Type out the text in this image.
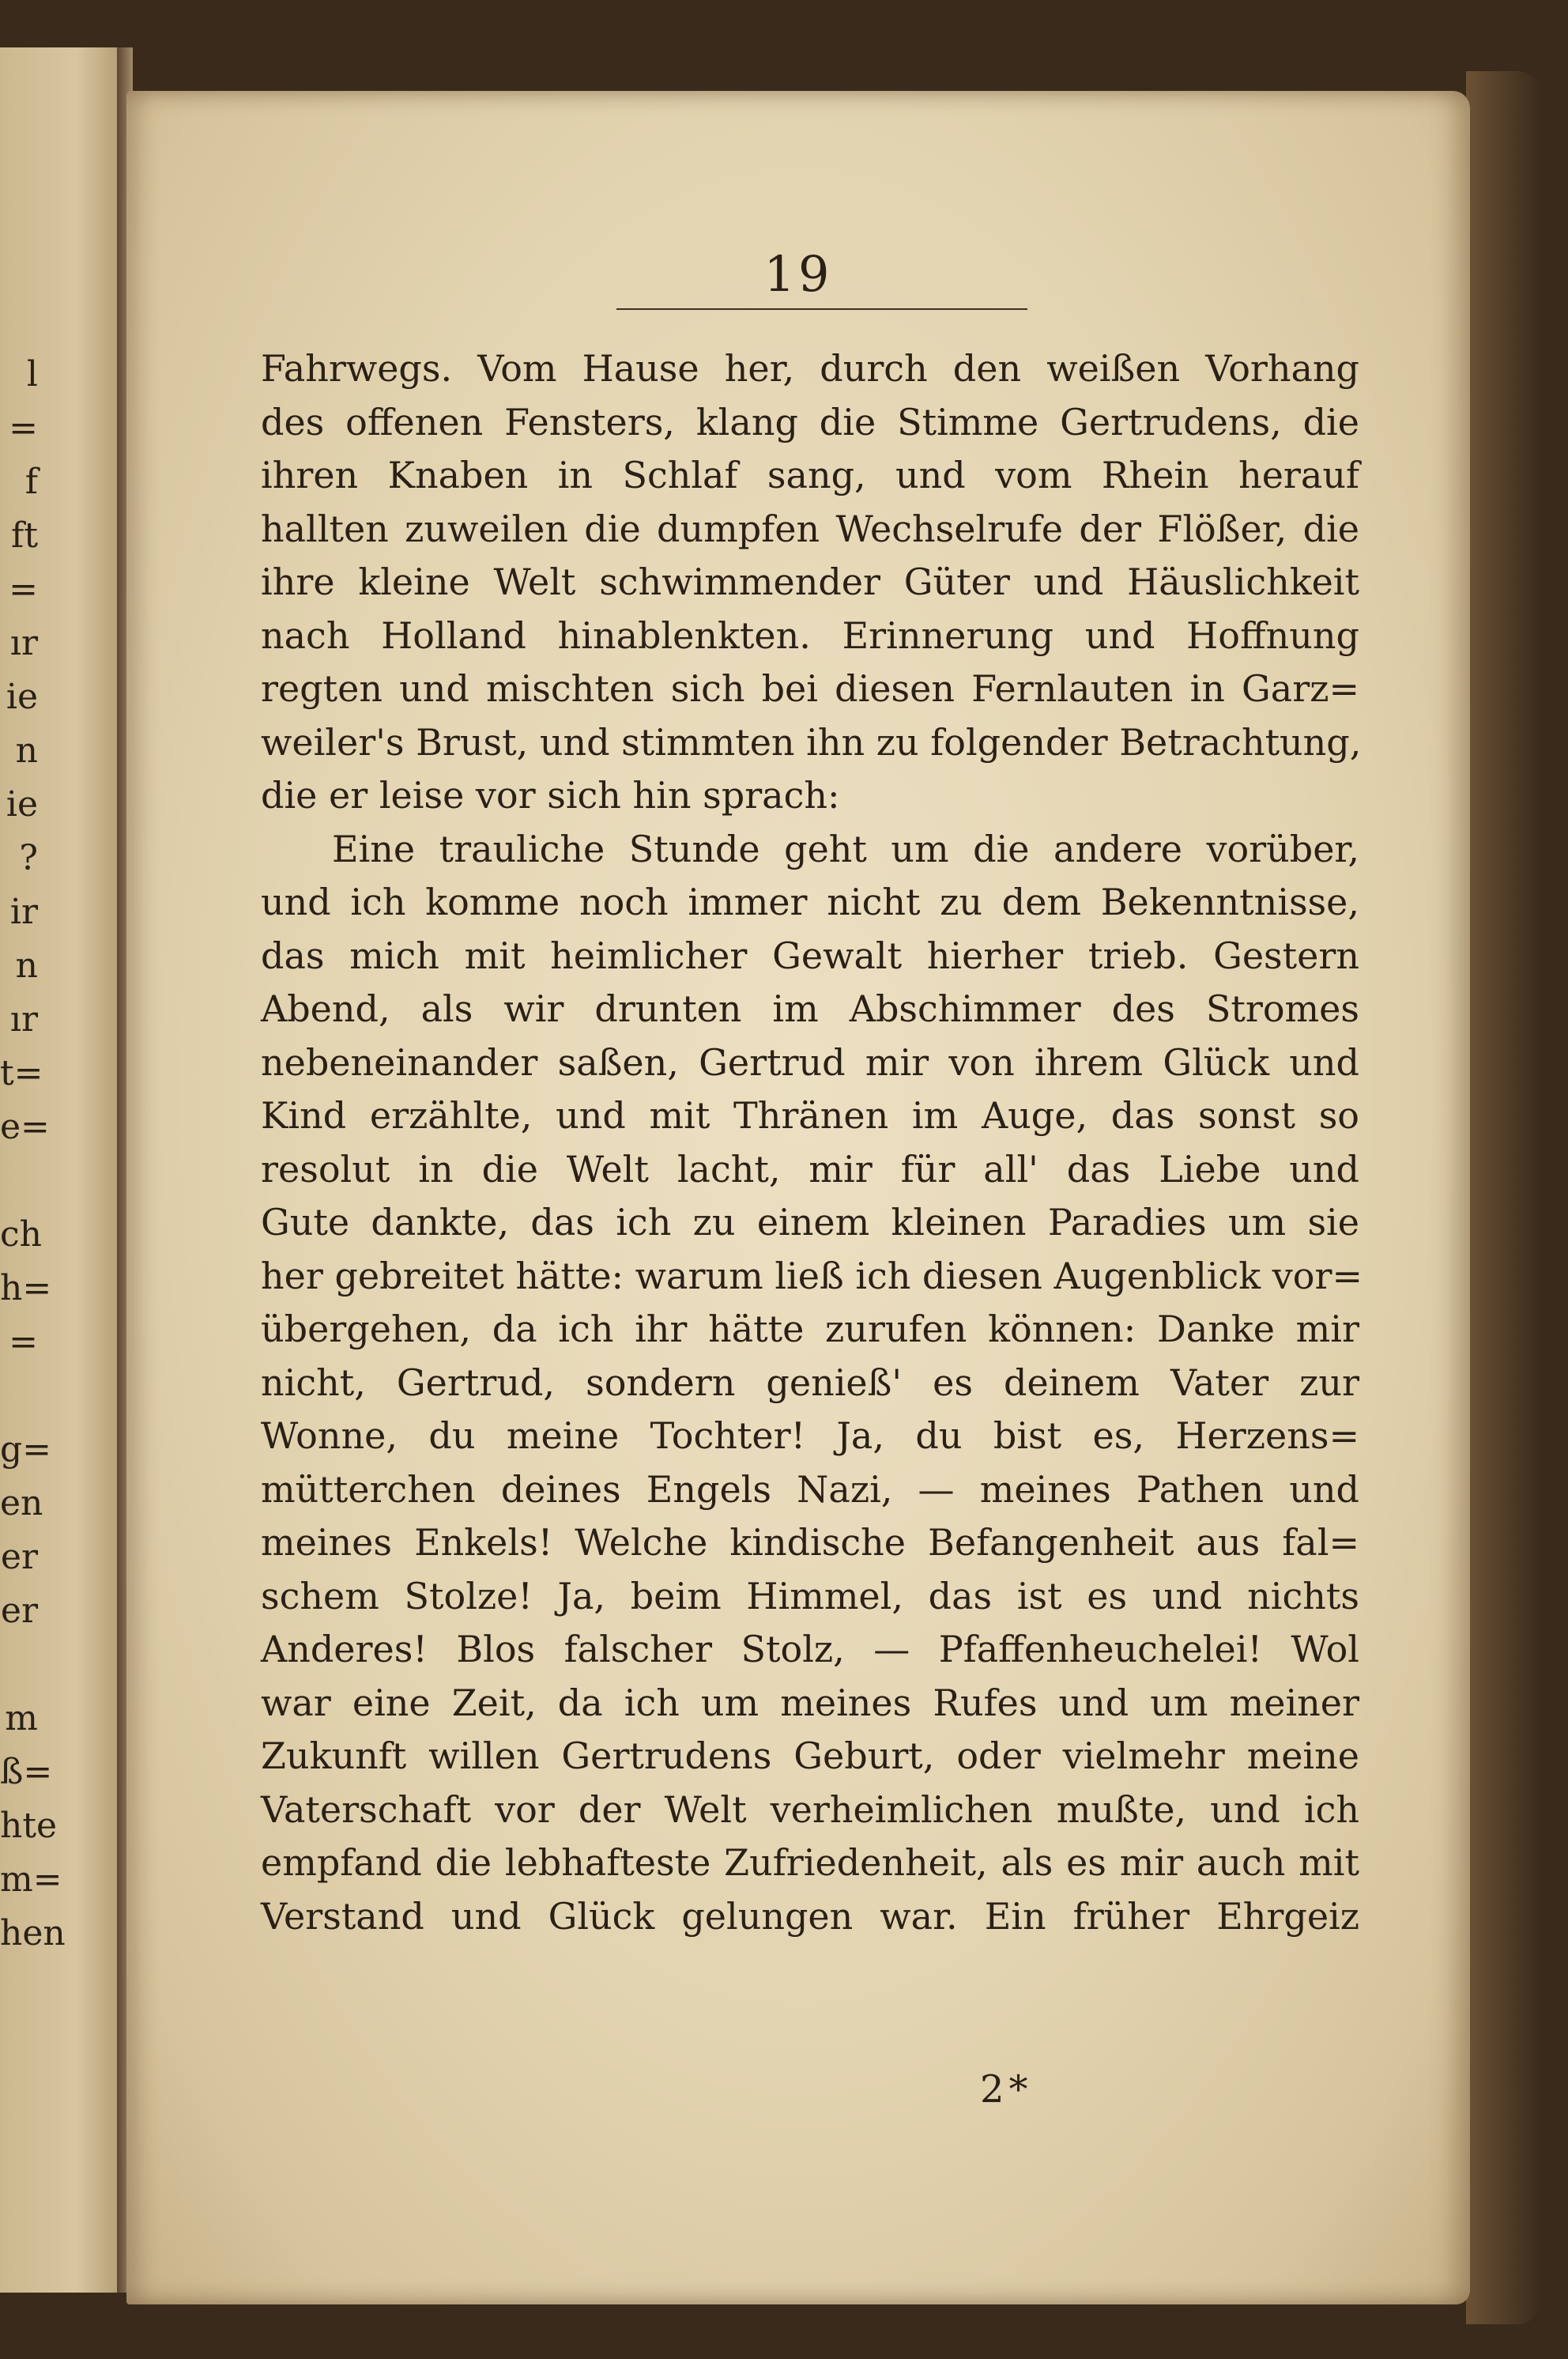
l
=
f
ft
=
ır
ie
n
ie
?
ir
n
ır
t=
e=
ch
h=
=
g=
en
er
er
m
ß=
hte
m=
hen
19
Fahrwegs. Vom Hause her, durch den weißen Vorhang
des offenen Fensters, klang die Stimme Gertrudens, die
ihren Knaben in Schlaf sang, und vom Rhein herauf
hallten zuweilen die dumpfen Wechselrufe der Flößer, die
ihre kleine Welt schwimmender Güter und Häuslichkeit
nach Holland hinablenkten. Erinnerung und Hoffnung
regten und mischten sich bei diesen Fernlauten in Garz=
weiler's Brust, und stimmten ihn zu folgender Betrachtung,
die er leise vor sich hin sprach:
Eine trauliche Stunde geht um die andere vorüber,
und ich komme noch immer nicht zu dem Bekenntnisse,
das mich mit heimlicher Gewalt hierher trieb. Gestern
Abend, als wir drunten im Abschimmer des Stromes
nebeneinander saßen, Gertrud mir von ihrem Glück und
Kind erzählte, und mit Thränen im Auge, das sonst so
resolut in die Welt lacht, mir für all' das Liebe und
Gute dankte, das ich zu einem kleinen Paradies um sie
her gebreitet hätte: warum ließ ich diesen Augenblick vor=
übergehen, da ich ihr hätte zurufen können: Danke mir
nicht, Gertrud, sondern genieß' es deinem Vater zur
Wonne, du meine Tochter! Ja, du bist es, Herzens=
mütterchen deines Engels Nazi, — meines Pathen und
meines Enkels! Welche kindische Befangenheit aus fal=
schem Stolze! Ja, beim Himmel, das ist es und nichts
Anderes! Blos falscher Stolz, — Pfaffenheuchelei! Wol
war eine Zeit, da ich um meines Rufes und um meiner
Zukunft willen Gertrudens Geburt, oder vielmehr meine
Vaterschaft vor der Welt verheimlichen mußte, und ich
empfand die lebhafteste Zufriedenheit, als es mir auch mit
Verstand und Glück gelungen war. Ein früher Ehrgeiz
2*
